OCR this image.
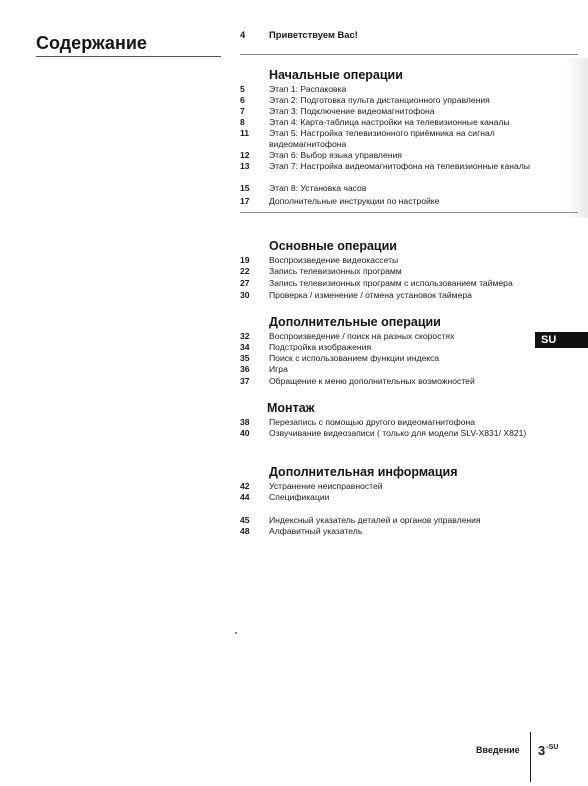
Содержание	4	Приветствуем Вас!
Начальные операции
5	Этап 1: Распаковка
6	Этап 2: Подготовка пульта дистанционного управления
7	Этап 3: Подключение видеомагнитофона
8	Этап 4: Карта-таблица настройки на телевизионные каналы
11	Этап 5: Настройка телевизионного приёмника на сигнал видеомагнитофона
12	Этап 6: Выбор языка управления
13	Этап 7: Настройка видеомагнитофона на телевизионные каналы
15	Этап 8: Установка часов
17	Дополнительные инструкции по настройке
Основные операции
19	Воспроизведение видеокассеты
22	Запись телевизионных программ
27	Запись телевизионных программ с использованием таймера
30	Проверка / изменение / отмена установок таймера
Дополнительные операции
32	Воспроизведение / поиск на разных скоростях
34	Подстройка изображения
35	Поиск с использованием функции индекса
36	Игра
37	Обращение к меню дополнительных возможностей
Монтаж
38	Перезапись с помощью другого видеомагнитофона
40	Озвучивание видеозаписи ( только для модели SLV-X831/ X821)
Дополнительная информация
42	Устранение неисправностей
44	Спецификации
45	Индексный указатель деталей и органов управления
48	Алфавитный указатель
SU
Введение $3^{-SU}$
